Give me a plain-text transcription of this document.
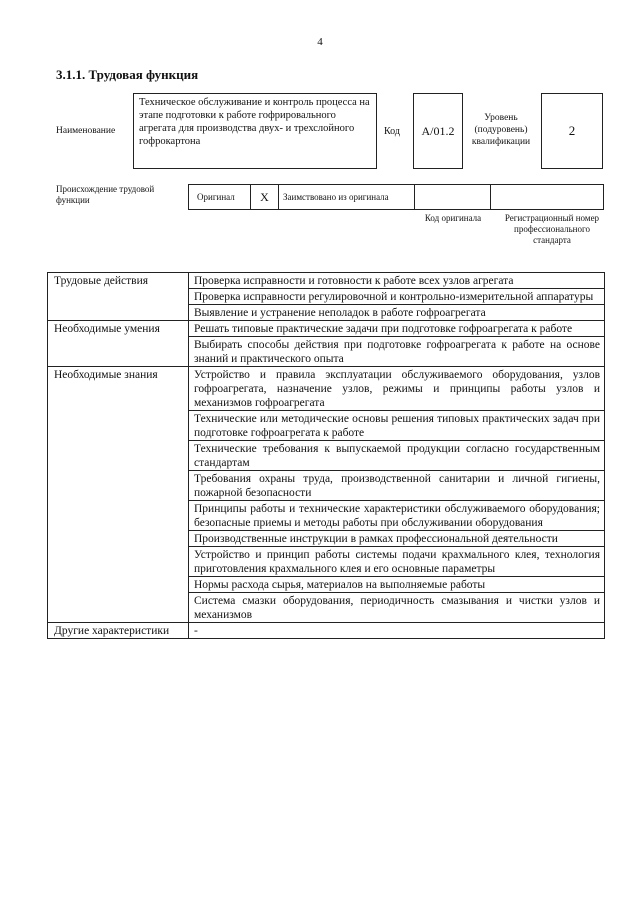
4
3.1.1. Трудовая функция
Наименование
Техническое обслуживание и контроль процесса на этапе подготовки к работе гофрировального агрегата для производства двух- и трехслойного гофрокартона
Код	A/01.2
Уровень (подуровень) квалификации
2
Происхождение трудовой функции	Оригинал	X	Заимствовано из оригинала
Код оригинала	Регистрационный номер профессионального стандарта
Трудовые действия	Проверка исправности и готовности к работе всех узлов агрегата
	Проверка исправности регулировочной и контрольно-измерительной аппаратуры
	Выявление и устранение неполадок в работе гофроагрегата
Необходимые умения	Решать типовые практические задачи при подготовке гофроагрегата к работе
	Выбирать способы действия при подготовке гофроагрегата к работе на основе знаний и практического опыта
Необходимые знания	Устройство и правила эксплуатации обслуживаемого оборудования, узлов гофроагрегата, назначение узлов, режимы и принципы работы узлов и механизмов гофроагрегата
	Технические или методические основы решения типовых практических задач при подготовке гофроагрегата к работе
	Технические требования к выпускаемой продукции согласно государственным стандартам
	Требования охраны труда, производственной санитарии и личной гигиены, пожарной безопасности
	Принципы работы и технические характеристики обслуживаемого оборудования; безопасные приемы и методы работы при обслуживании оборудования
	Производственные инструкции в рамках профессиональной деятельности
	Устройство и принцип работы системы подачи крахмального клея, технология приготовления крахмального клея и его основные параметры
	Нормы расхода сырья, материалов на выполняемые работы
	Система смазки оборудования, периодичность смазывания и чистки узлов и механизмов
Другие характеристики	-
